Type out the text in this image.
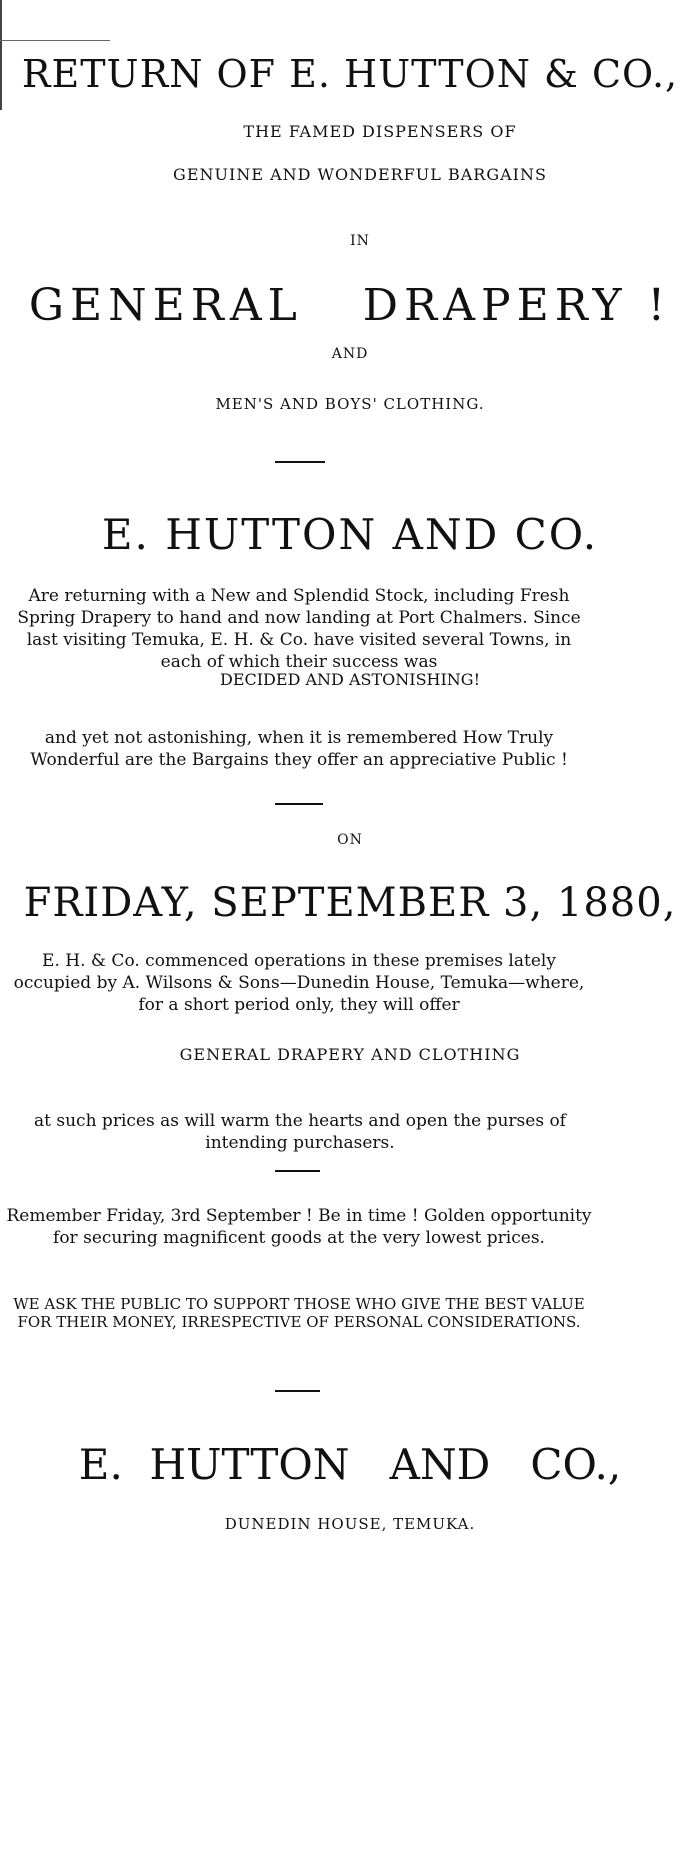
RETURN OF E. HUTTON & CO.,
THE FAMED DISPENSERS OF
GENUINE AND WONDERFUL BARGAINS
IN
GENERAL   DRAPERY !
AND
MEN'S AND BOYS' CLOTHING.
E. HUTTON AND CO.
Are returning with a New and Splendid Stock, including Fresh Spring Drapery to hand and now landing at Port Chalmers. Since last visiting Temuka, E. H. & Co. have visited several Towns, in each of which their success was
DECIDED AND ASTONISHING!
and yet not astonishing, when it is remembered How Truly Wonderful are the Bargains they offer an appreciative Public !
ON
FRIDAY, SEPTEMBER 3, 1880,
E. H. & Co. commenced operations in these premises lately occupied by A. Wilsons & Sons—Dunedin House, Temuka—where, for a short period only, they will offer
GENERAL DRAPERY AND CLOTHING
at such prices as will warm the hearts and open the purses of intending purchasers.
Remember Friday, 3rd September ! Be in time ! Golden opportunity for securing magnificent goods at the very lowest prices.
WE ASK THE PUBLIC TO SUPPORT THOSE WHO GIVE THE BEST VALUE FOR THEIR MONEY, IRRESPECTIVE OF PERSONAL CONSIDERATIONS.
E.  HUTTON   AND   CO.,
DUNEDIN HOUSE, TEMUKA.
